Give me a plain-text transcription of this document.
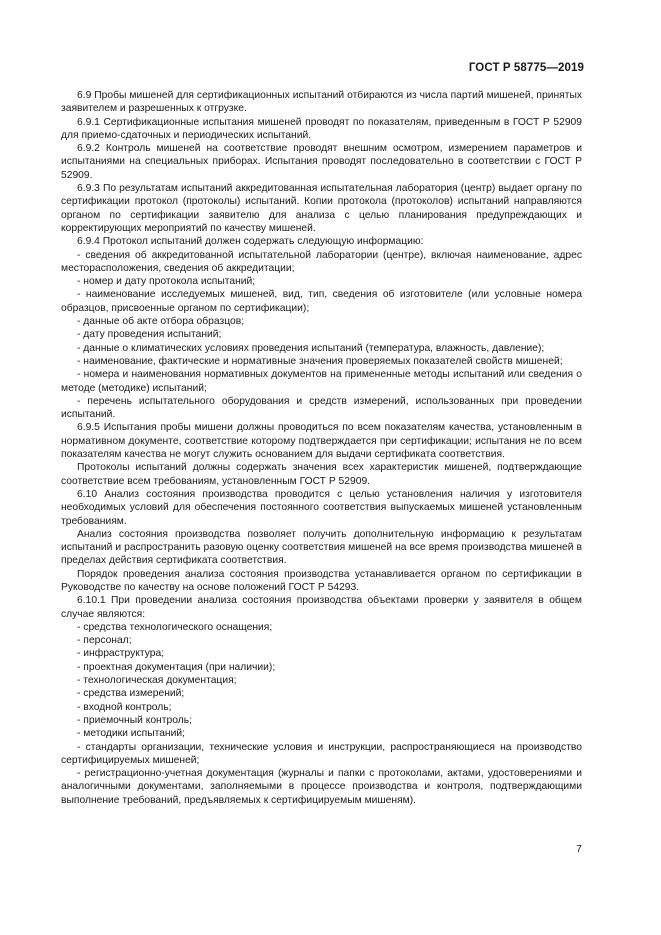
ГОСТ Р 58775—2019

6.9 Пробы мишеней для сертификационных испытаний отбираются из числа партий мишеней, принятых заявителем и разрешенных к отгрузке.

6.9.1 Сертификационные испытания мишеней проводят по показателям, приведенным в ГОСТ Р 52909 для приемо-сдаточных и периодических испытаний.

6.9.2 Контроль мишеней на соответствие проводят внешним осмотром, измерением параметров и испытаниями на специальных приборах. Испытания проводят последовательно в соответствии с ГОСТ Р 52909.

6.9.3 По результатам испытаний аккредитованная испытательная лаборатория (центр) выдает органу по сертификации протокол (протоколы) испытаний. Копии протокола (протоколов) испытаний направляются органом по сертификации заявителю для анализа с целью планирования предупреждающих и корректирующих мероприятий по качеству мишеней.

6.9.4 Протокол испытаний должен содержать следующую информацию:

- сведения об аккредитованной испытательной лаборатории (центре), включая наименование, адрес месторасположения, сведения об аккредитации;

- номер и дату протокола испытаний;

- наименование исследуемых мишеней, вид, тип, сведения об изготовителе (или условные номера образцов, присвоенные органом по сертификации);

- данные об акте отбора образцов;

- дату проведения испытаний;

- данные о климатических условиях проведения испытаний (температура, влажность, давление);

- наименование, фактические и нормативные значения проверяемых показателей свойств мишеней;

- номера и наименования нормативных документов на примененные методы испытаний или сведения о методе (методике) испытаний;

- перечень испытательного оборудования и средств измерений, использованных при проведении испытаний.

6.9.5 Испытания пробы мишени должны проводиться по всем показателям качества, установленным в нормативном документе, соответствие которому подтверждается при сертификации; испытания не по всем показателям качества не могут служить основанием для выдачи сертификата соответствия.

Протоколы испытаний должны содержать значения всех характеристик мишеней, подтверждающие соответствие всем требованиям, установленным ГОСТ Р 52909.

6.10 Анализ состояния производства проводится с целью установления наличия у изготовителя необходимых условий для обеспечения постоянного соответствия выпускаемых мишеней установленным требованиям.

Анализ состояния производства позволяет получить дополнительную информацию к результатам испытаний и распространить разовую оценку соответствия мишеней на все время производства мишеней в пределах действия сертификата соответствия.

Порядок проведения анализа состояния производства устанавливается органом по сертификации в Руководстве по качеству на основе положений ГОСТ Р 54293.

6.10.1 При проведении анализа состояния производства объектами проверки у заявителя в общем случае являются:

- средства технологического оснащения;

- персонал;

- инфраструктура;

- проектная документация (при наличии);

- технологическая документация;

- средства измерений;

- входной контроль;

- приемочный контроль;

- методики испытаний;

- стандарты организации, технические условия и инструкции, распространяющиеся на производство сертифицируемых мишеней;

- регистрационно-учетная документация (журналы и папки с протоколами, актами, удостоверениями и аналогичными документами, заполняемыми в процессе производства и контроля, подтверждающими выполнение требований, предъявляемых к сертифицируемым мишеням).

7
